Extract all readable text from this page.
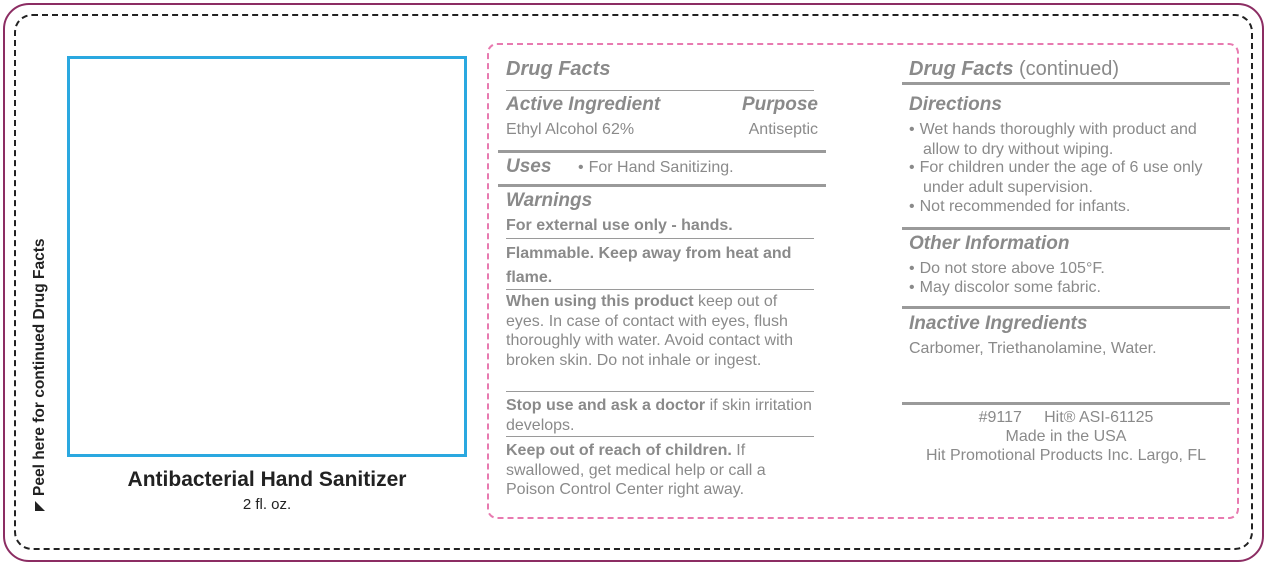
Peel here for continued Drug Facts	Antibacterial Hand Sanitizer
2 fl. oz.
Drug Facts
Active Ingredient	Purpose
Ethyl Alcohol 62%	Antiseptic
Uses
•	For Hand Sanitizing.
Warnings
For external use only - hands.
Flammable. Keep away from heat and flame.
When using this product keep out of eyes. In case of contact with eyes, flush thoroughly with water. Avoid contact with broken skin. Do not inhale or ingest.
Stop use and ask a doctor if skin irritation develops.
Keep out of reach of children. If swallowed, get medical help or call a Poison Control Center right away.
Drug Facts (continued)
Directions
• Wet hands thoroughly with product and allow to dry without wiping.
• For children under the age of 6 use only under adult supervision.
• Not recommended for infants.
Other Information
• Do not store above 105°F.
• May discolor some fabric.
Inactive Ingredients
Carbomer, Triethanolamine, Water.
#9117     Hit® ASI-61125
Made in the USA
Hit Promotional Products Inc. Largo, FL
